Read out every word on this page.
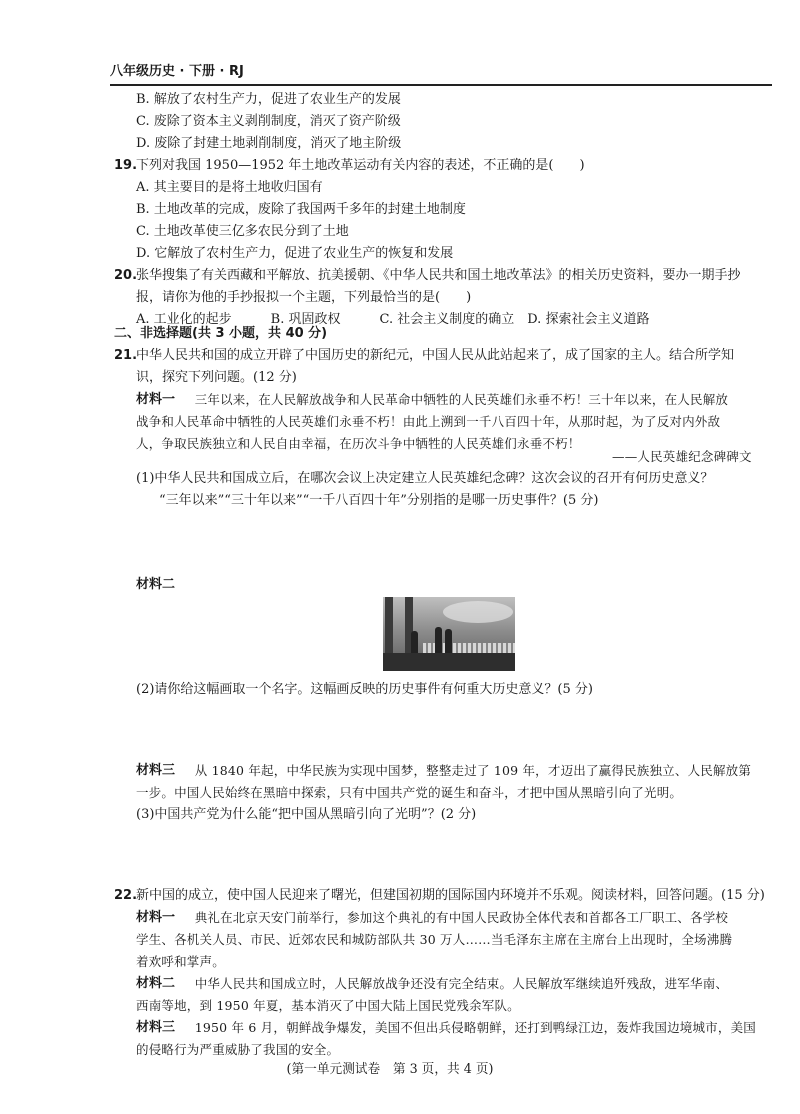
八年级历史 · 下册 · RJ
B. 解放了农村生产力，促进了农业生产的发展
C. 废除了资本主义剥削制度，消灭了资产阶级
D. 废除了封建土地剥削制度，消灭了地主阶级
19.
下列对我国 1950—1952 年土地改革运动有关内容的表述，不正确的是(　　)
A. 其主要目的是将土地收归国有
B. 土地改革的完成，废除了我国两千多年的封建土地制度
C. 土地改革使三亿多农民分到了土地
D. 它解放了农村生产力，促进了农业生产的恢复和发展
20.
张华搜集了有关西藏和平解放、抗美援朝、《中华人民共和国土地改革法》的相关历史资料，要办一期手抄
报，请你为他的手抄报拟一个主题，下列最恰当的是(　　)
A. 工业化的起步　　　B. 巩固政权　　　C. 社会主义制度的确立　D. 探索社会主义道路
二、非选择题(共 3 小题，共 40 分)
21.
中华人民共和国的成立开辟了中国历史的新纪元，中国人民从此站起来了，成了国家的主人。结合所学知
识，探究下列问题。(12 分)
材料一 　三年以来，在人民解放战争和人民革命中牺牲的人民英雄们永垂不朽！三十年以来，在人民解放
战争和人民革命中牺牲的人民英雄们永垂不朽！由此上溯到一千八百四十年，从那时起，为了反对内外敌
人，争取民族独立和人民自由幸福，在历次斗争中牺牲的人民英雄们永垂不朽！
——人民英雄纪念碑碑文
(1)中华人民共和国成立后，在哪次会议上决定建立人民英雄纪念碑？这次会议的召开有何历史意义？
“三年以来”“三十年以来”“一千八百四十年”分别指的是哪一历史事件？(5 分)
材料二
(2)请你给这幅画取一个名字。这幅画反映的历史事件有何重大历史意义？(5 分)
材料三 　从 1840 年起，中华民族为实现中国梦，整整走过了 109 年，才迈出了赢得民族独立、人民解放第
一步。中国人民始终在黑暗中探索，只有中国共产党的诞生和奋斗，才把中国从黑暗引向了光明。
(3)中国共产党为什么能“把中国从黑暗引向了光明”？(2 分)
22.
新中国的成立，使中国人民迎来了曙光，但建国初期的国际国内环境并不乐观。阅读材料，回答问题。(15 分)
材料一 　典礼在北京天安门前举行，参加这个典礼的有中国人民政协全体代表和首都各工厂职工、各学校
学生、各机关人员、市民、近郊农民和城防部队共 30 万人……当毛泽东主席在主席台上出现时，全场沸腾
着欢呼和掌声。
材料二 　中华人民共和国成立时，人民解放战争还没有完全结束。人民解放军继续追歼残敌，进军华南、
西南等地，到 1950 年夏，基本消灭了中国大陆上国民党残余军队。
材料三 　1950 年 6 月，朝鲜战争爆发，美国不但出兵侵略朝鲜，还打到鸭绿江边，轰炸我国边境城市，美国
的侵略行为严重威胁了我国的安全。
(第一单元测试卷　第 3 页，共 4 页)
